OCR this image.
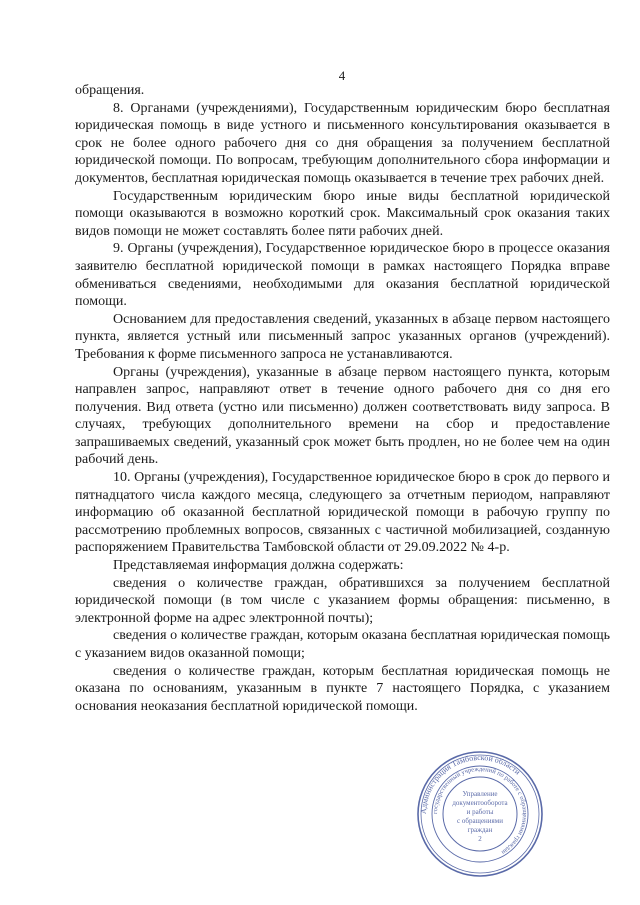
4

обращения.

8. Органами (учреждениями), Государственным юридическим бюро бесплатная юридическая помощь в виде устного и письменного консультирования оказывается в срок не более одного рабочего дня со дня обращения за получением бесплатной юридической помощи. По вопросам, требующим дополнительного сбора информации и документов, бесплатная юридическая помощь оказывается в течение трех рабочих дней.

Государственным юридическим бюро иные виды бесплатной юридической помощи оказываются в возможно короткий срок. Максимальный срок оказания таких видов помощи не может составлять более пяти рабочих дней.

9. Органы (учреждения), Государственное юридическое бюро в процессе оказания заявителю бесплатной юридической помощи в рамках настоящего Порядка вправе обмениваться сведениями, необходимыми для оказания бесплатной юридической помощи.

Основанием для предоставления сведений, указанных в абзаце первом настоящего пункта, является устный или письменный запрос указанных органов (учреждений). Требования к форме письменного запроса не устанавливаются.

Органы (учреждения), указанные в абзаце первом настоящего пункта, которым направлен запрос, направляют ответ в течение одного рабочего дня со дня его получения. Вид ответа (устно или письменно) должен соответствовать виду запроса. В случаях, требующих дополнительного времени на сбор и предоставление запрашиваемых сведений, указанный срок может быть продлен, но не более чем на один рабочий день.

10. Органы (учреждения), Государственное юридическое бюро в срок до первого и пятнадцатого числа каждого месяца, следующего за отчетным периодом, направляют информацию об оказанной бесплатной юридической помощи в рабочую группу по рассмотрению проблемных вопросов, связанных с частичной мобилизацией, созданную распоряжением Правительства Тамбовской области от 29.09.2022 № 4-р.

Представляемая информация должна содержать:

сведения о количестве граждан, обратившихся за получением бесплатной юридической помощи (в том числе с указанием формы обращения: письменно, в электронной форме на адрес электронной почты);

сведения о количестве граждан, которым оказана бесплатная юридическая помощь с указанием видов оказанной помощи;

сведения о количестве граждан, которым бесплатная юридическая помощь не оказана по основаниям, указанным в пункте 7 настоящего Порядка, с указанием основания неоказания бесплатной юридической помощи.

Администрация Тамбовской области
государственный учреждений по работе с обращениями граждан
Управление
документооборота
и работы
с обращениями
граждан
2
